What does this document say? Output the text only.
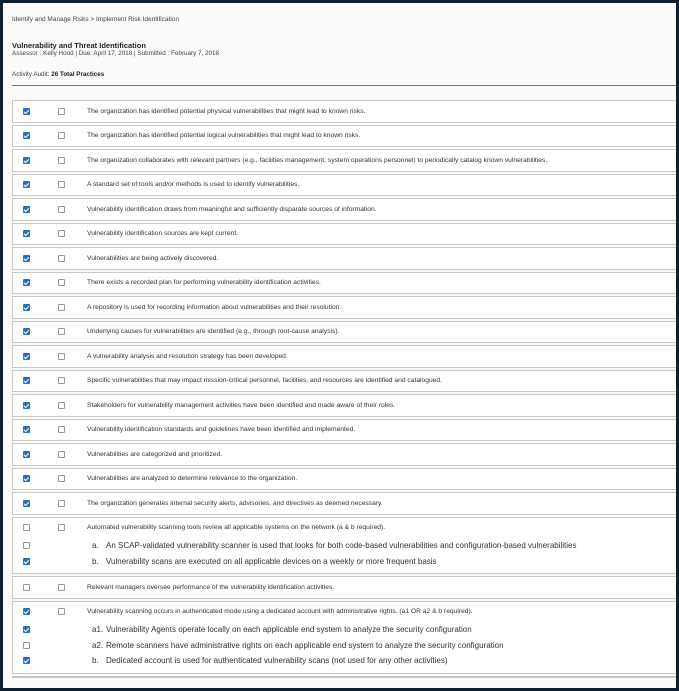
Identify and Manage Risks > Implement Risk Identification
Vulnerability and Threat Identification
Assessor : Kelly Hood | Due: April 17, 2018 | Submitted : February 7, 2018
Activity Audit: 26 Total Practices
The organization has identified potential physical vulnerabilities that might lead to known risks.
The organization has identified potential logical vulnerabilities that might lead to known risks.
The organization collaborates with relevant partners (e.g., facilities management, system operations personnel) to periodically catalog known vulnerabilities.
A standard set of tools and/or methods is used to identify vulnerabilities.
Vulnerability identification draws from meaningful and sufficiently disparate sources of information.
Vulnerability identification sources are kept current.
Vulnerabilities are being actively discovered.
There exists a recorded plan for performing vulnerability identification activities.
A repository is used for recording information about vulnerabilities and their resolution.
Underlying causes for vulnerabilities are identified (e.g., through root-cause analysis).
A vulnerability analysis and resolution strategy has been developed.
Specific vulnerabilities that may impact mission-critical personnel, facilities, and resources are identified and catalogued.
Stakeholders for vulnerability management activities have been identified and made aware of their roles.
Vulnerability identification standards and guidelines have been identified and implemented.
Vulnerabilities are categorized and prioritized.
Vulnerabilities are analyzed to determine relevance to the organization.
The organization generates internal security alerts, advisories, and directives as deemed necessary.
Automated vulnerability scanning tools review all applicable systems on the network (a & b required).
a. An SCAP-validated vulnerability scanner is used that looks for both code-based vulnerabilities and configuration-based vulnerabilities
b. Vulnerability scans are executed on all applicable devices on a weekly or more frequent basis
Relevant managers oversee performance of the vulnerability identification activities.
Vulnerability scanning occurs in authenticated mode using a dedicated account with administrative rights. (a1 OR a2 & b required).
a1. Vulnerability Agents operate locally on each applicable end system to analyze the security configuration
a2. Remote scanners have administrative rights on each applicable end system to analyze the security configuration
b. Dedicated account is used for authenticated vulnerability scans (not used for any other activities)
